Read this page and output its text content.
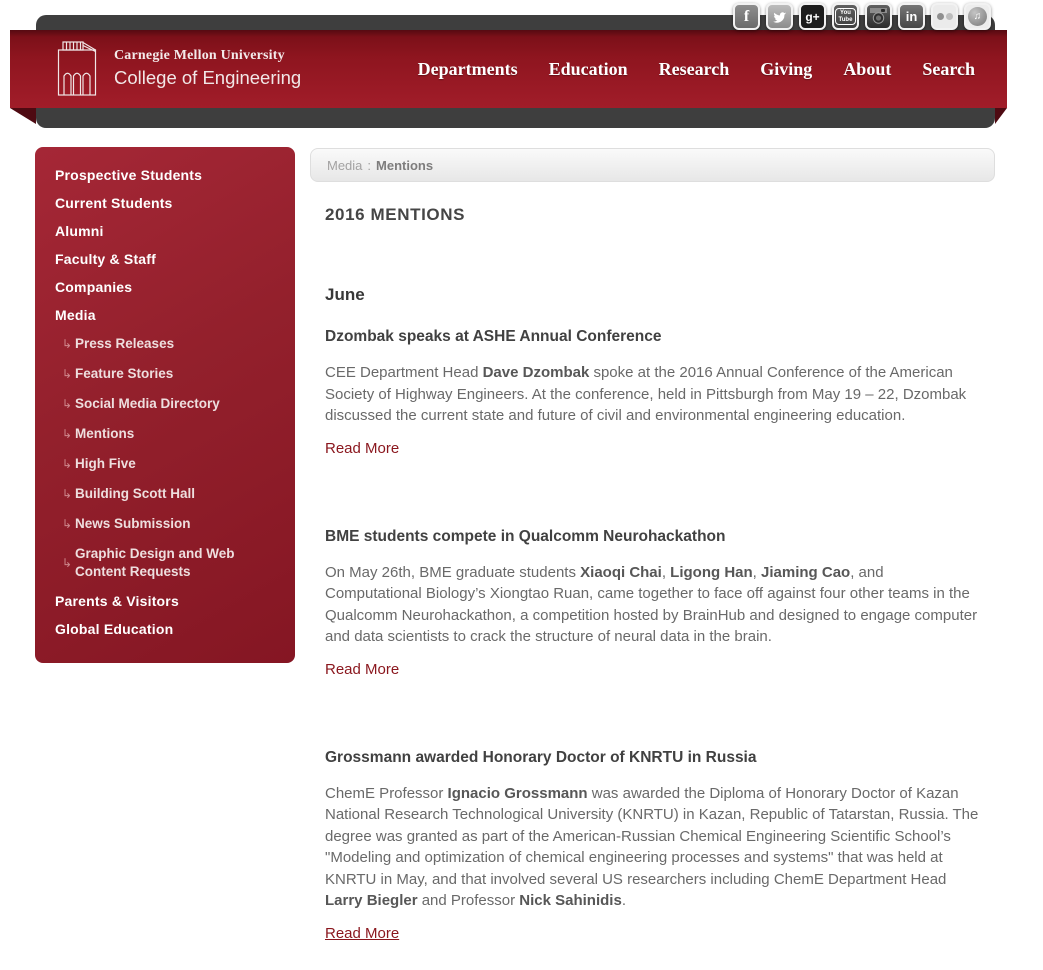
f	g+	You
Tube	in	♫
Carnegie Mellon University
College of Engineering	Departments Education Research Giving About Search
Prospective Students
Current Students
Alumni
Faculty & Staff
Companies
Media
↳ Press Releases
↳ Feature Stories
↳ Social Media Directory
↳ Mentions
↳ High Five
↳ Building Scott Hall
↳ News Submission
↳
Graphic Design and Web Content Requests
Parents & Visitors
Global Education
Media : Mentions
2016 MENTIONS
June
Dzombak speaks at ASHE Annual Conference

CEE Department Head Dave Dzombak spoke at the 2016 Annual Conference of the American Society of Highway Engineers. At the conference, held in Pittsburgh from May 19 – 22, Dzombak discussed the current state and future of civil and environmental engineering education.

Read More
BME students compete in Qualcomm Neurohackathon

On May 26th, BME graduate students Xiaoqi Chai, Ligong Han, Jiaming Cao, and Computational Biology’s Xiongtao Ruan, came together to face off against four other teams in the Qualcomm Neurohackathon, a competition hosted by BrainHub and designed to engage computer and data scientists to crack the structure of neural data in the brain.

Read More
Grossmann awarded Honorary Doctor of KNRTU in Russia

ChemE Professor Ignacio Grossmann was awarded the Diploma of Honorary Doctor of Kazan National Research Technological University (KNRTU) in Kazan, Republic of Tatarstan, Russia. The degree was granted as part of the American-Russian Chemical Engineering Scientific School’s "Modeling and optimization of chemical engineering processes and systems" that was held at KNRTU in May, and that involved several US researchers including ChemE Department Head Larry Biegler and Professor Nick Sahinidis.

Read More
